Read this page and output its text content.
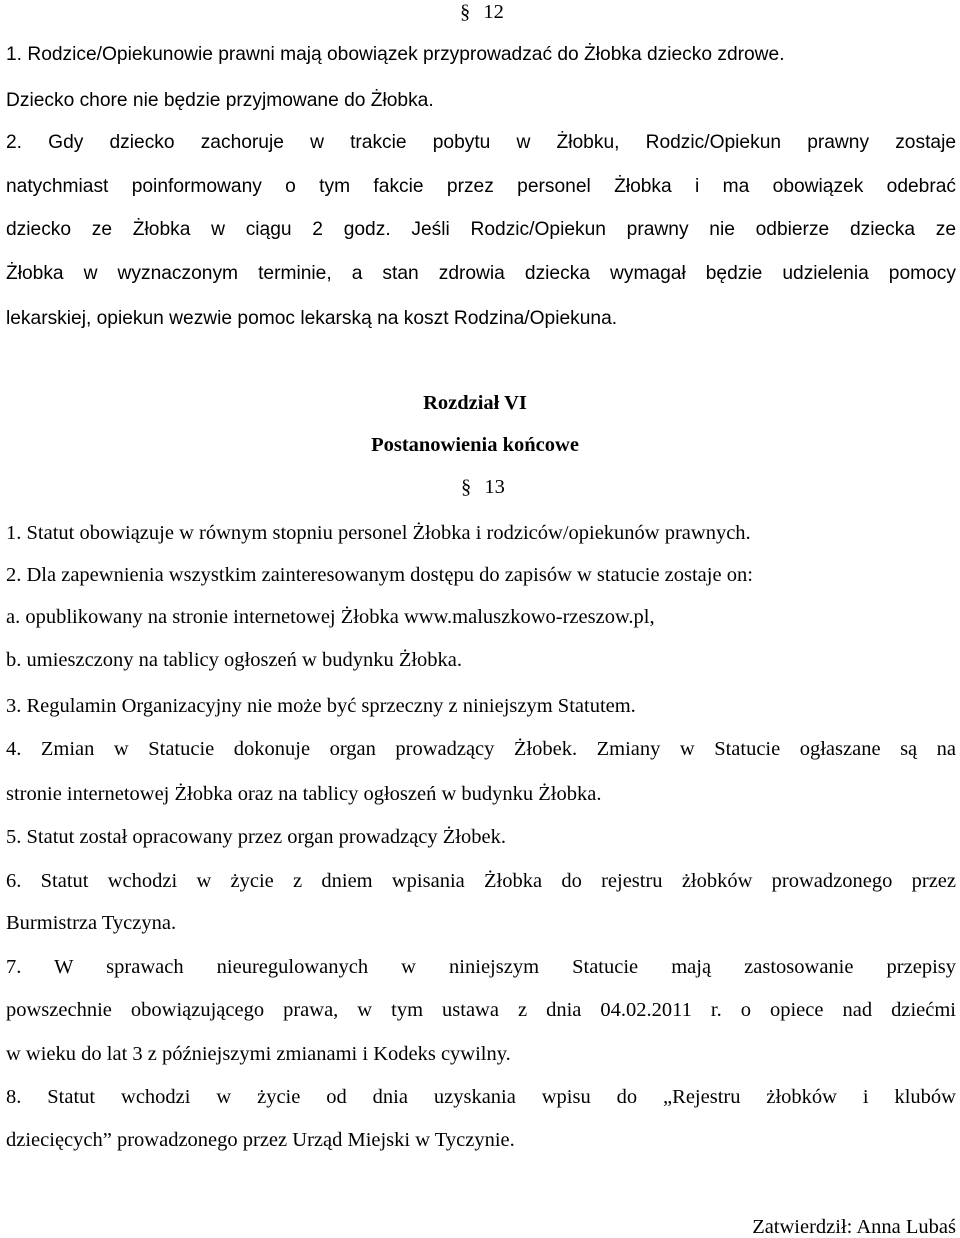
§ 12
1. Rodzice/Opiekunowie prawni mają obowiązek przyprowadzać do Żłobka dziecko zdrowe.
Dziecko chore nie będzie przyjmowane do Żłobka.
2. Gdy dziecko zachoruje w trakcie pobytu w Żłobku, Rodzic/Opiekun prawny zostaje
natychmiast poinformowany o tym fakcie przez personel Żłobka i ma obowiązek odebrać
dziecko ze Żłobka w ciągu 2 godz. Jeśli Rodzic/Opiekun prawny nie odbierze dziecka ze
Żłobka w wyznaczonym terminie, a stan zdrowia dziecka wymagał będzie udzielenia pomocy
lekarskiej, opiekun wezwie pomoc lekarską na koszt Rodzina/Opiekuna.
Rozdział VI
Postanowienia końcowe
§ 13
1. Statut obowiązuje w równym stopniu personel Żłobka i rodziców/opiekunów prawnych.
2. Dla zapewnienia wszystkim zainteresowanym dostępu do zapisów w statucie zostaje on:
a. opublikowany na stronie internetowej Żłobka www.maluszkowo-rzeszow.pl,
b. umieszczony na tablicy ogłoszeń w budynku Żłobka.
3. Regulamin Organizacyjny nie może być sprzeczny z niniejszym Statutem.
4. Zmian w Statucie dokonuje organ prowadzący Żłobek. Zmiany w Statucie ogłaszane są na
stronie internetowej Żłobka oraz na tablicy ogłoszeń w budynku Żłobka.
5. Statut został opracowany przez organ prowadzący Żłobek.
6. Statut wchodzi w życie z dniem wpisania Żłobka do rejestru żłobków prowadzonego przez
Burmistrza Tyczyna.
7. W sprawach nieuregulowanych w niniejszym Statucie mają zastosowanie przepisy
powszechnie obowiązującego prawa, w tym ustawa z dnia 04.02.2011 r. o opiece nad dziećmi
w wieku do lat 3 z późniejszymi zmianami i Kodeks cywilny.
8. Statut wchodzi w życie od dnia uzyskania wpisu do „Rejestru żłobków i klubów
dziecięcych” prowadzonego przez Urząd Miejski w Tyczynie.
Zatwierdził: Anna Lubaś
